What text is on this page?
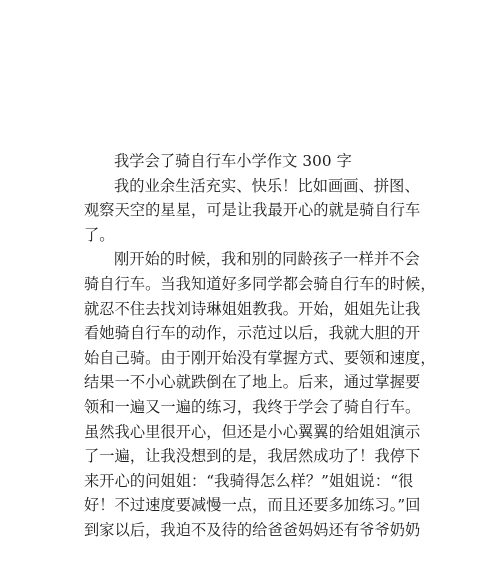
我学会了骑自行车小学作文 300 字
我的业余生活充实、快乐！比如画画、拼图、
观察天空的星星，可是让我最开心的就是骑自行车
了。
刚开始的时候，我和别的同龄孩子一样并不会
骑自行车。当我知道好多同学都会骑自行车的时候，
就忍不住去找刘诗琳姐姐教我。开始，姐姐先让我
看她骑自行车的动作，示范过以后，我就大胆的开
始自己骑。由于刚开始没有掌握方式、要领和速度，
结果一不小心就跌倒在了地上。后来，通过掌握要
领和一遍又一遍的练习，我终于学会了骑自行车。
虽然我心里很开心，但还是小心翼翼的给姐姐演示
了一遍，让我没想到的是，我居然成功了！我停下
来开心的问姐姐：“我骑得怎么样？”姐姐说：“很
好！不过速度要减慢一点，而且还要多加练习。”回
到家以后，我迫不及待的给爸爸妈妈还有爷爷奶奶
